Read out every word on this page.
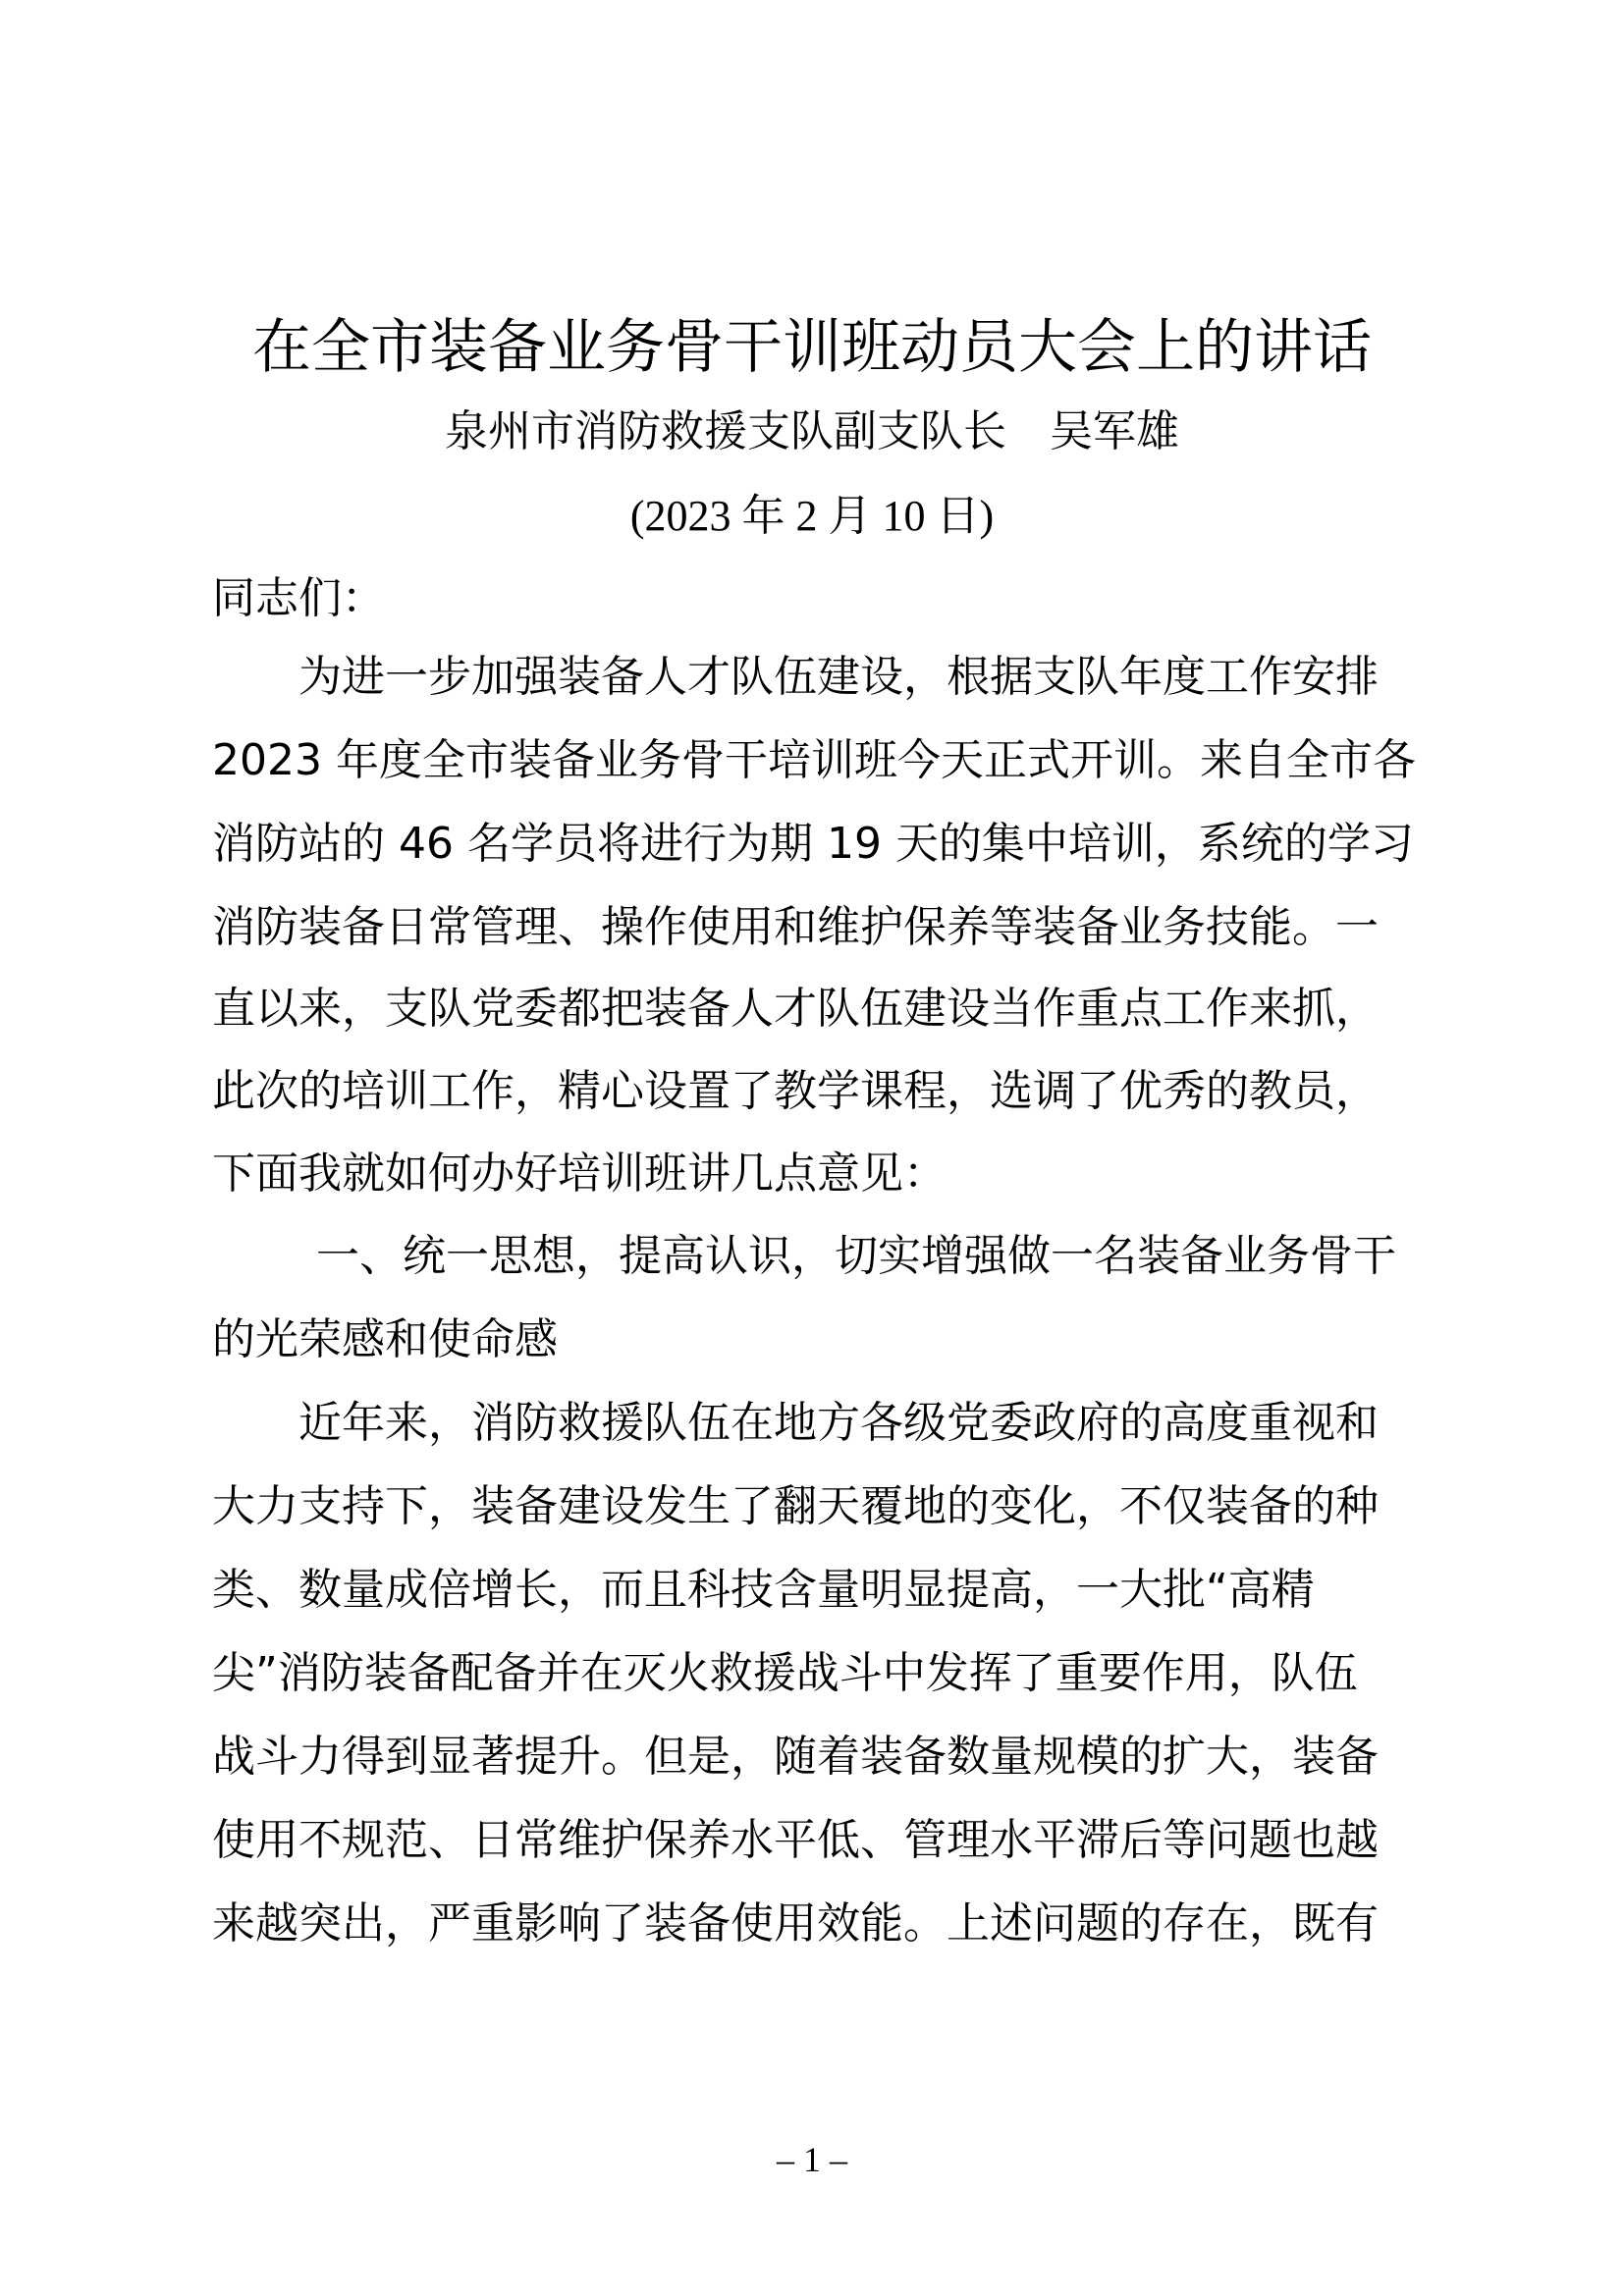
在全市装备业务骨干训班动员大会上的讲话
泉州市消防救援支队副支队长　吴军雄
(2023 年 2 月 10 日)
同志们：
为进一步加强装备人才队伍建设，根据支队年度工作安排
2023 年度全市装备业务骨干培训班今天正式开训。来自全市各
消防站的 46 名学员将进行为期 19 天的集中培训，系统的学习
消防装备日常管理、操作使用和维护保养等装备业务技能。一
直以来，支队党委都把装备人才队伍建设当作重点工作来抓，
此次的培训工作，精心设置了教学课程，选调了优秀的教员，
下面我就如何办好培训班讲几点意见：
一、统一思想，提高认识，切实增强做一名装备业务骨干
的光荣感和使命感
近年来，消防救援队伍在地方各级党委政府的高度重视和
大力支持下，装备建设发生了翻天覆地的变化，不仅装备的种
类、数量成倍增长，而且科技含量明显提高，一大批“高精
尖”消防装备配备并在灭火救援战斗中发挥了重要作用，队伍
战斗力得到显著提升。但是，随着装备数量规模的扩大，装备
使用不规范、日常维护保养水平低、管理水平滞后等问题也越
来越突出，严重影响了装备使用效能。上述问题的存在，既有
– 1 –
